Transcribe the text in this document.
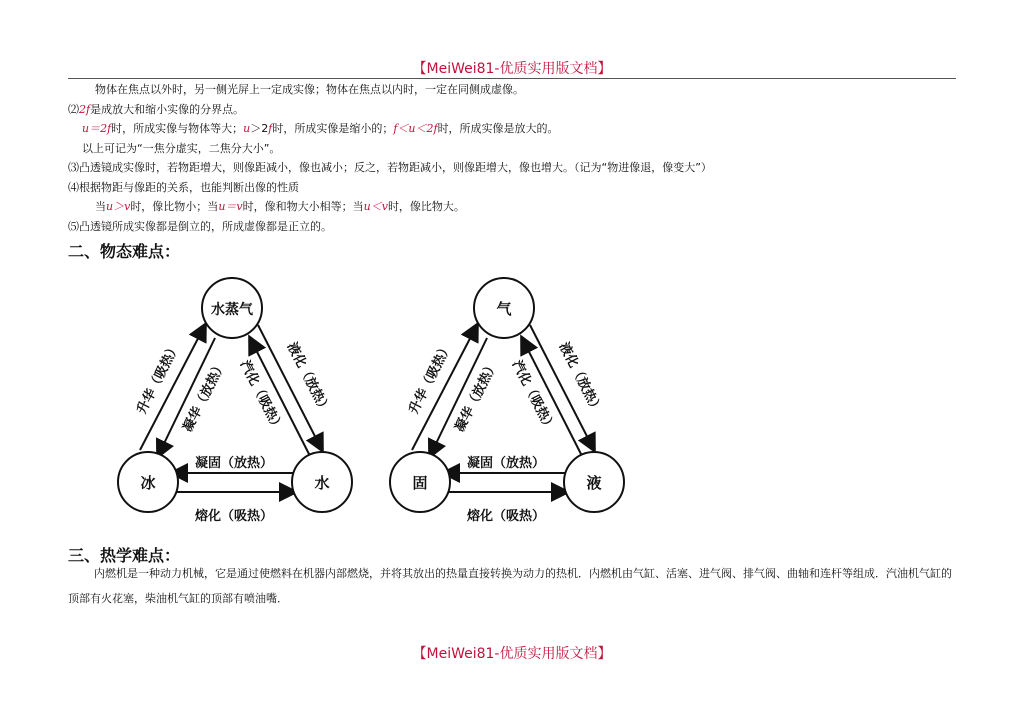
【MeiWei81-优质实用版文档】
物体在焦点以外时，另一侧光屏上一定成实像；物体在焦点以内时，一定在同侧成虚像。
⑵2f是成放大和缩小实像的分界点。
u＝2f时，所成实像与物体等大；u＞2f时，所成实像是缩小的；f＜u＜2f时，所成实像是放大的。
以上可记为“一焦分虚实，二焦分大小”。
⑶凸透镜成实像时，若物距增大，则像距减小，像也减小；反之，若物距减小，则像距增大，像也增大。（记为“物进像退，像变大”）
⑷根据物距与像距的关系，也能判断出像的性质
当u＞v时，像比物小；当u＝v时，像和物大小相等；当u＜v时，像比物大。
⑸凸透镜所成实像都是倒立的，所成虚像都是正立的。
二、物态难点：
水蒸气
冰	水
升华（吸热）
凝华（放热） 汽化（吸热）
液化（放热）
凝固（放热）
熔化（吸热）
气
固	液
升华（吸热）
凝华（放热） 汽化（吸热）
液化（放热）
凝固（放热）
熔化（吸热）
三、热学难点：
内燃机是一种动力机械，它是通过使燃料在机器内部燃烧，并将其放出的热量直接转换为动力的热机．内燃机由气缸、活塞、进气阀、排气阀、曲轴和连杆等组成．汽油机气缸的顶部有火花塞，柴油机气缸的顶部有喷油嘴．
【MeiWei81-优质实用版文档】
